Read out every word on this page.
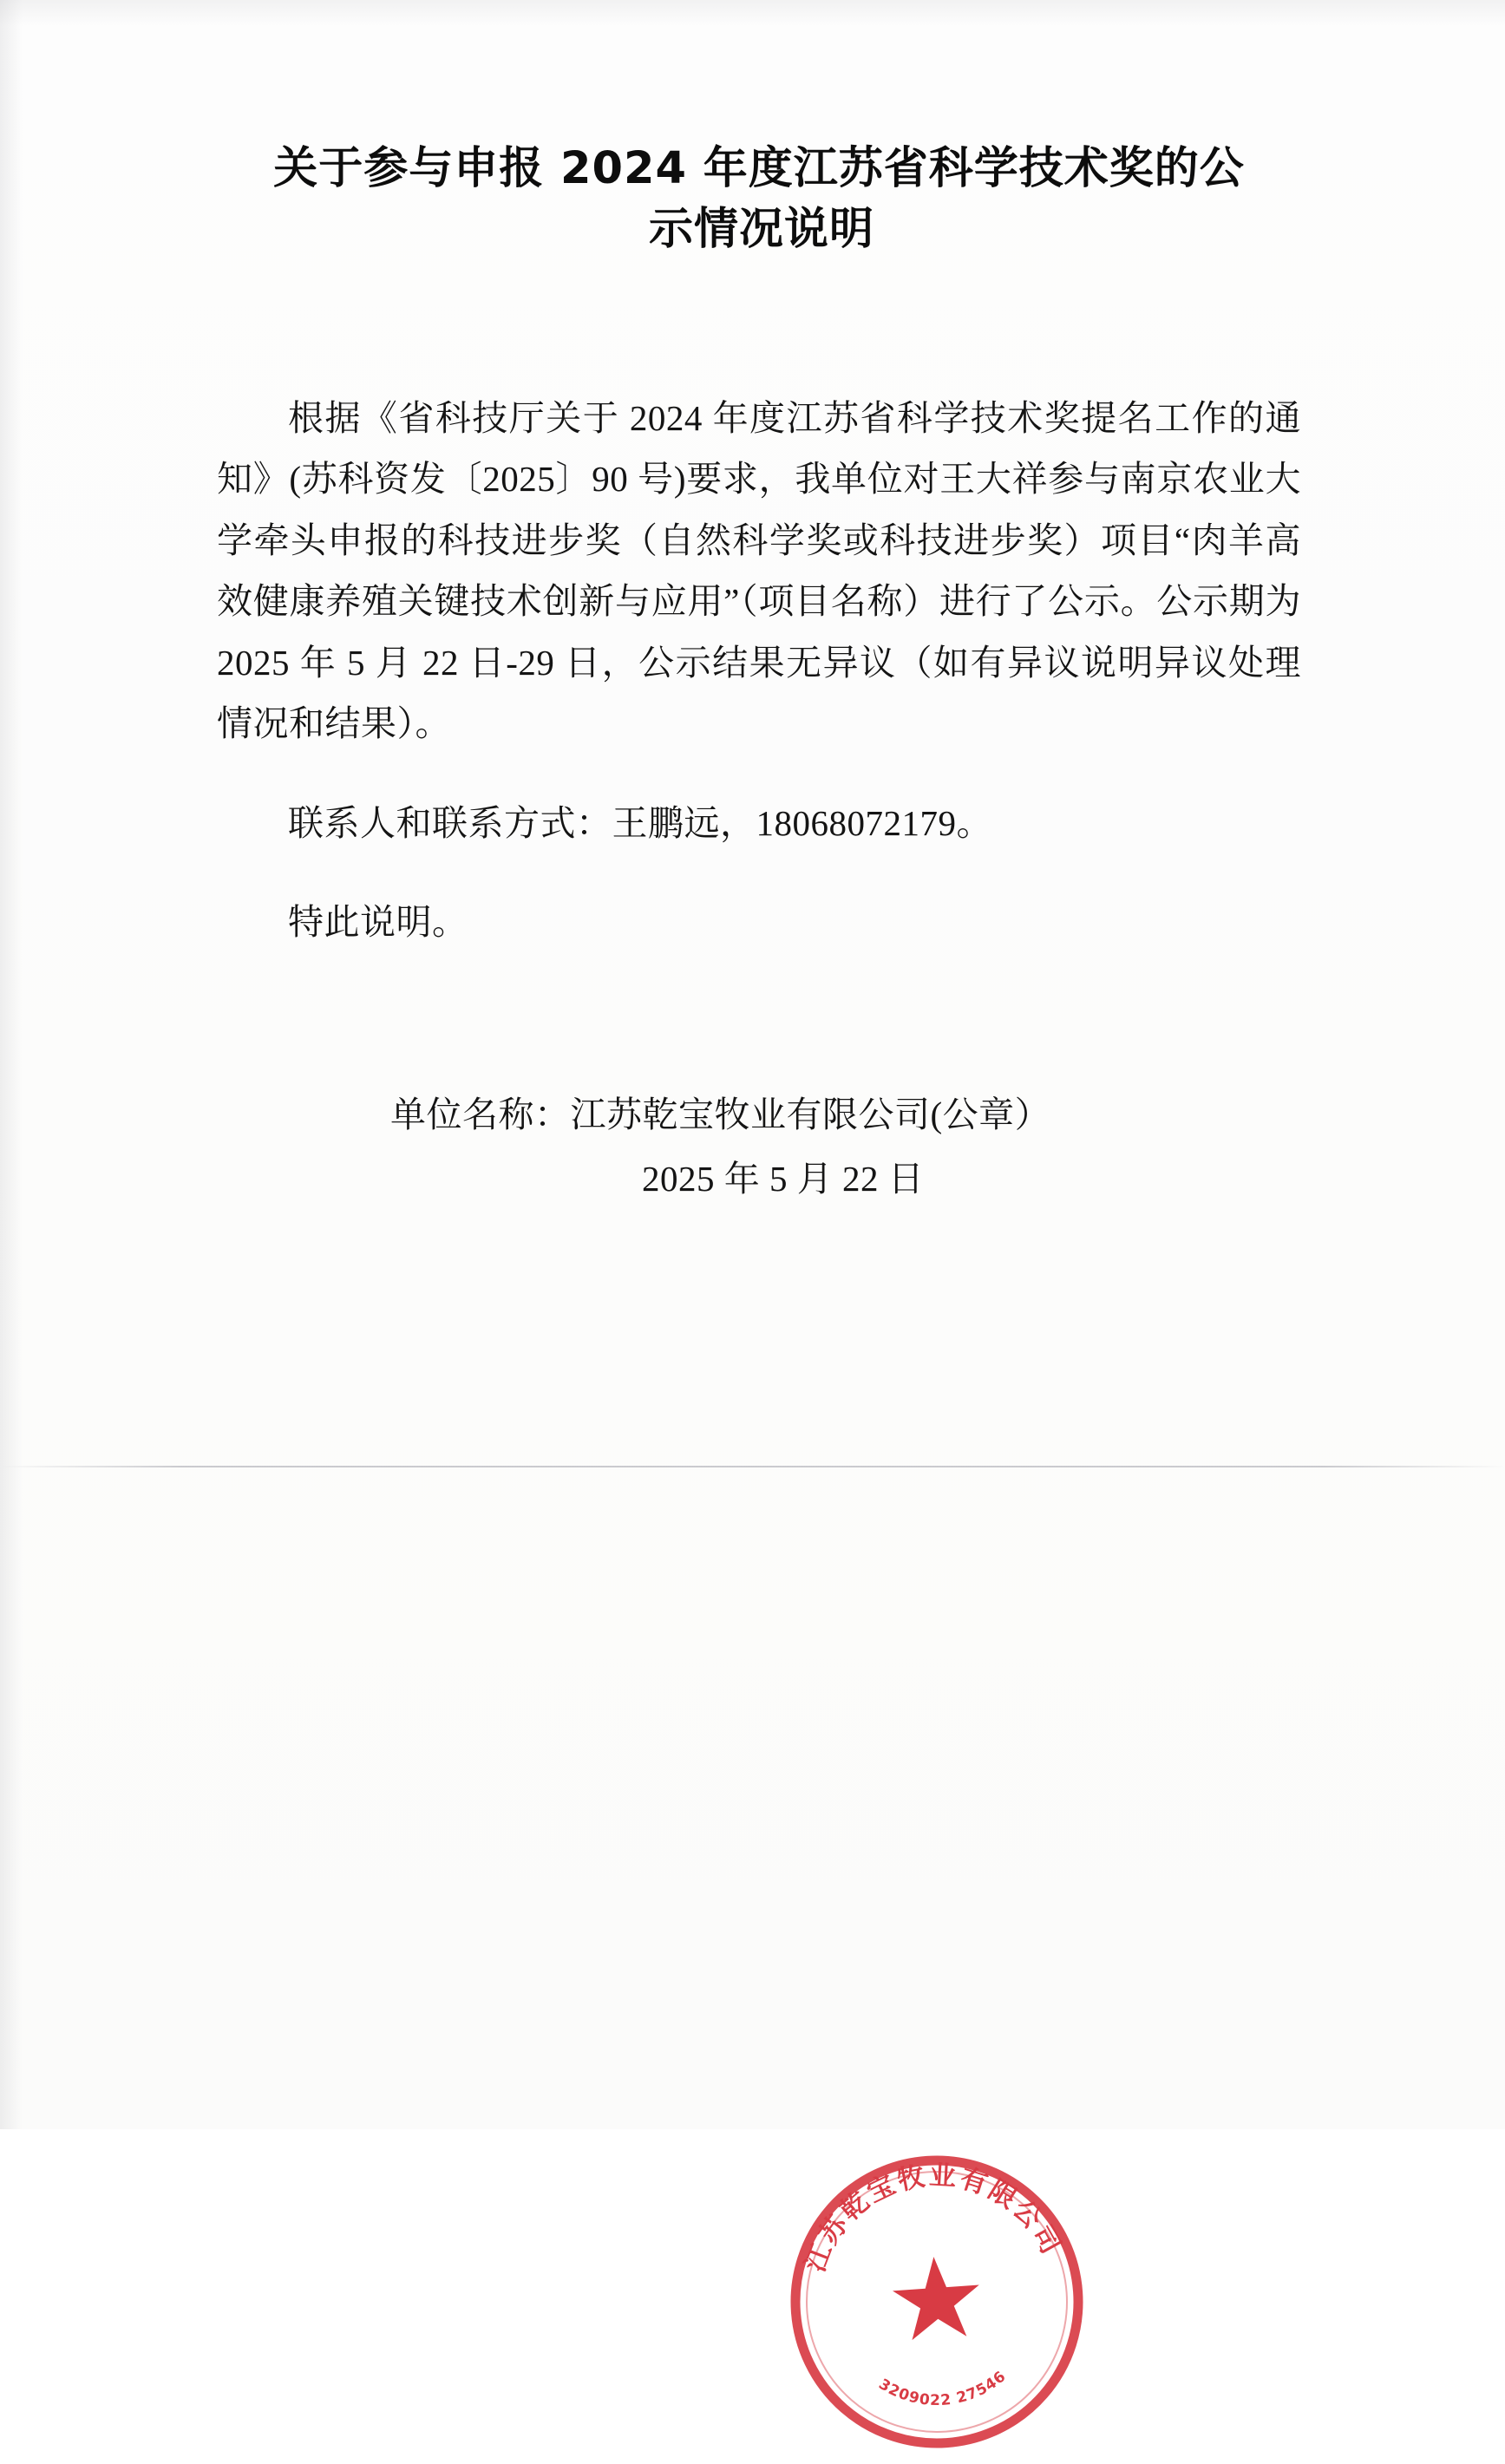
关于参与申报 2024 年度江苏省科学技术奖的公
示情况说明

根据《省科技厅关于 2024 年度江苏省科学技术奖提名工作的通知》(苏科资发〔2025〕90 号)要求，我单位对王大祥参与南京农业大学牵头申报的科技进步奖（自然科学奖或科技进步奖）项目“肉羊高效健康养殖关键技术创新与应用”（项目名称）进行了公示。公示期为 2025 年 5 月 22 日-29 日，公示结果无异议（如有异议说明异议处理情况和结果）。

联系人和联系方式：王鹏远，18068072179。

特此说明。

单位名称：江苏乾宝牧业有限公司(公章）
2025 年 5 月 22 日
江苏乾宝牧业有限公司
3209022 27546
